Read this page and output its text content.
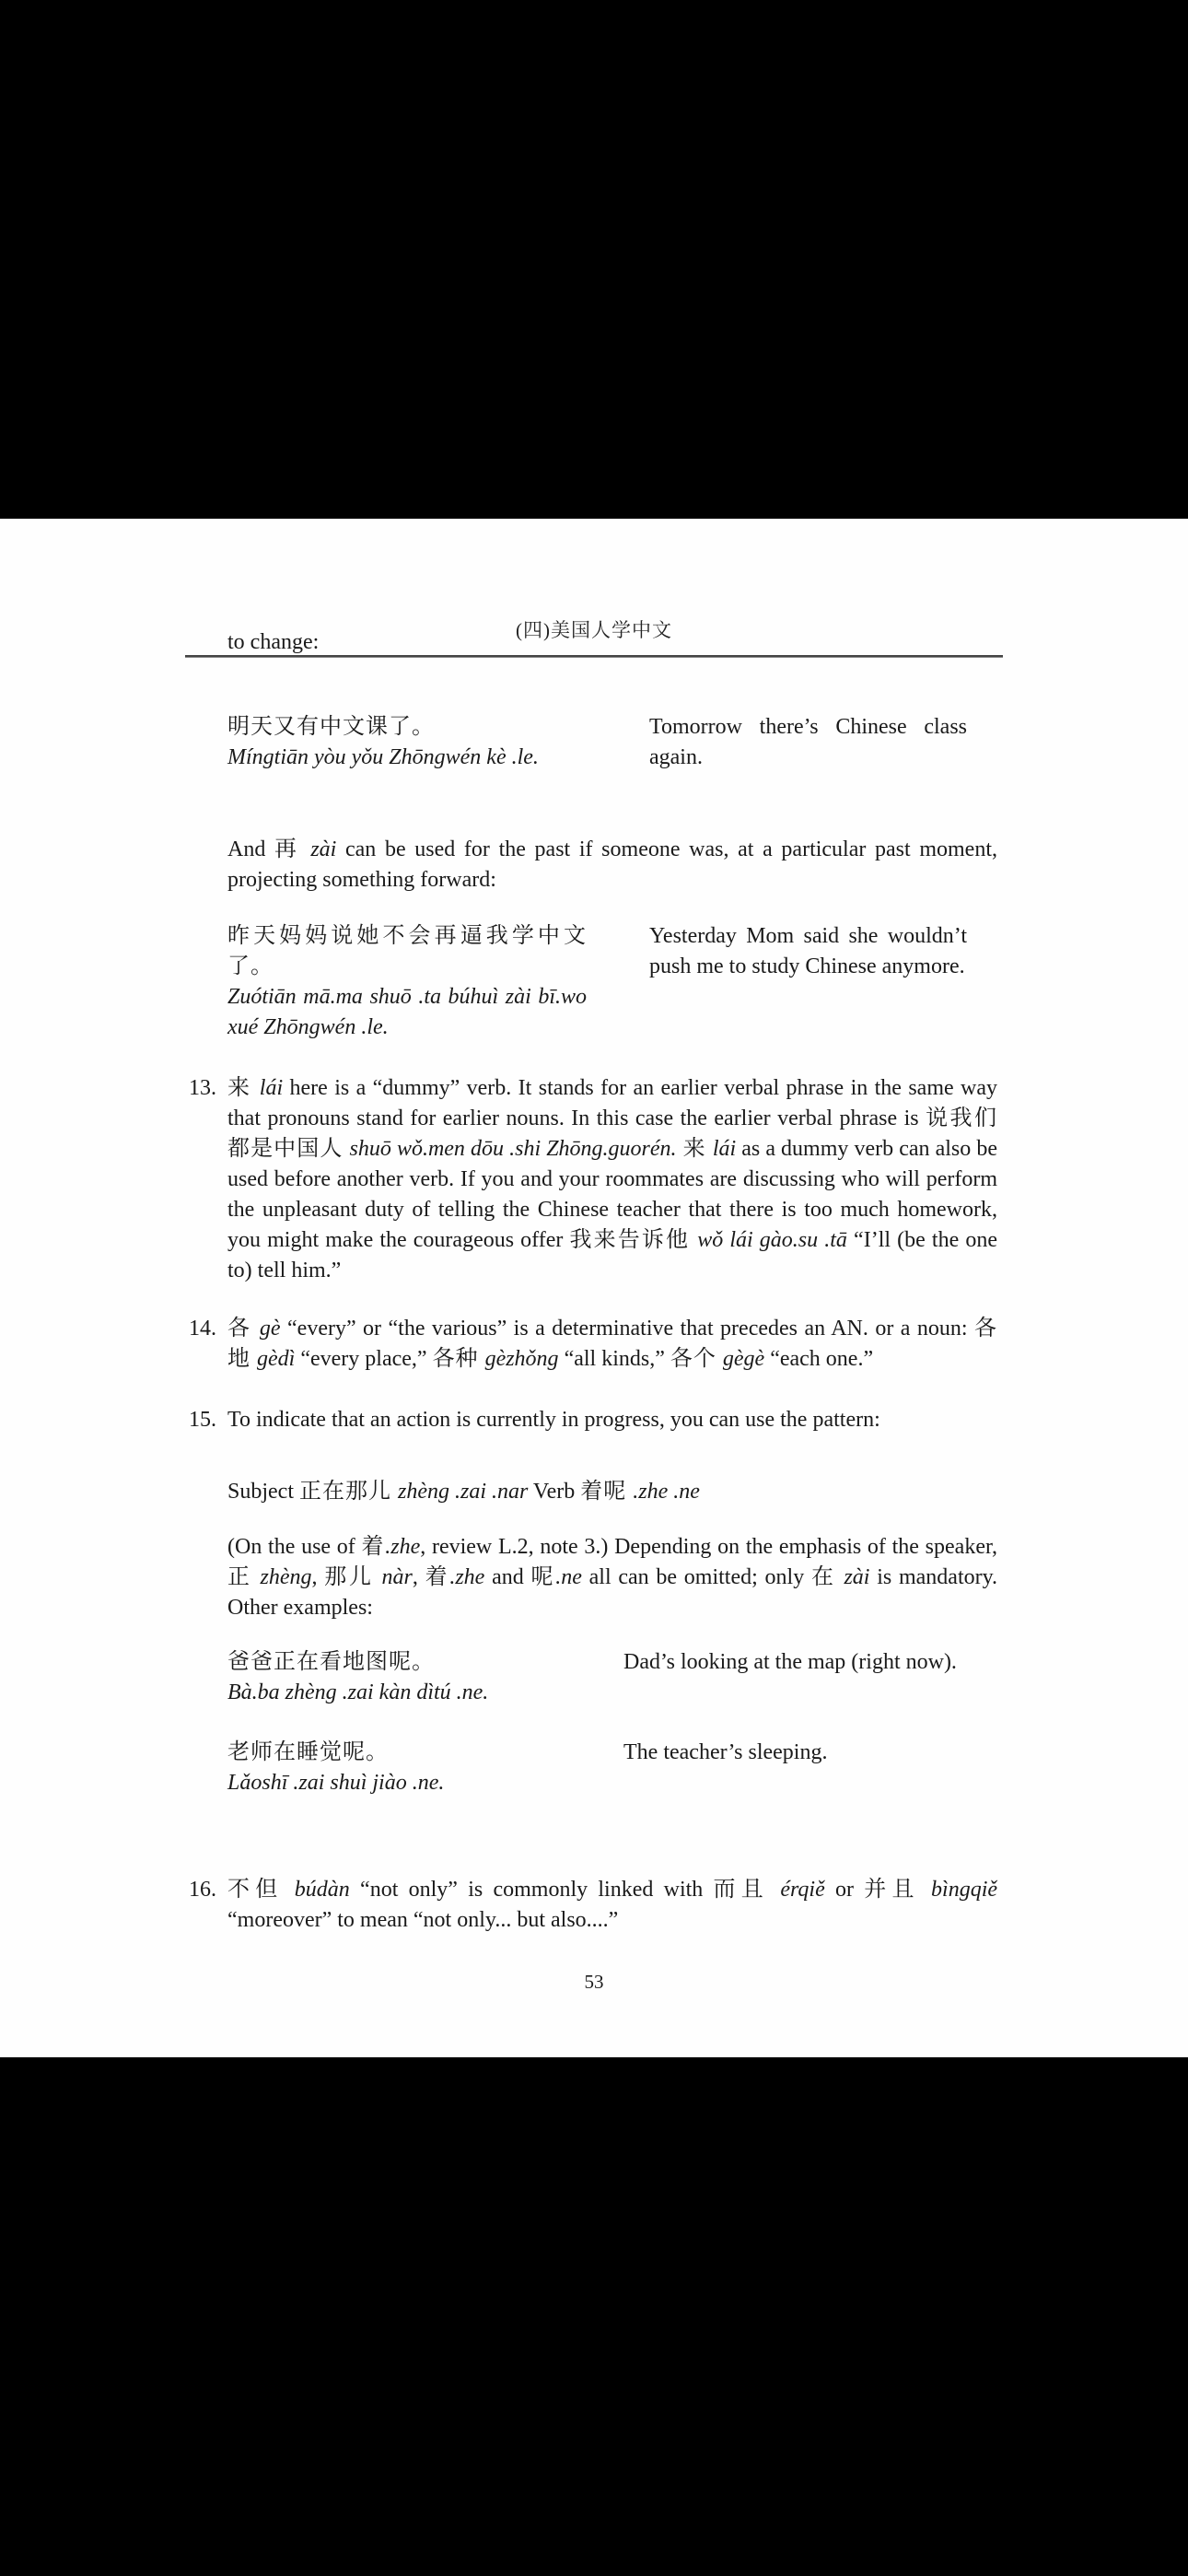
(四)美国人学中文
to change:
明天又有中文课了。
Míngtiān yòu yǒu Zhōngwén kè .le.
Tomorrow there’s Chinese class again.
And 再 zài can be used for the past if someone was, at a particular past moment, projecting something forward:
昨天妈妈说她不会再逼我学中文了。
Zuótiān mā.ma shuō .ta búhuì zài bī.wo xué Zhōngwén .le.
Yesterday Mom said she wouldn’t push me to study Chinese anymore.
13. 来 lái here is a “dummy” verb. It stands for an earlier verbal phrase in the same way that pronouns stand for earlier nouns. In this case the earlier verbal phrase is 说我们都是中国人 shuō wǒ.men dōu .shi Zhōng.guorén. 来 lái as a dummy verb can also be used before another verb. If you and your roommates are discussing who will perform the unpleasant duty of telling the Chinese teacher that there is too much homework, you might make the courageous offer 我来告诉他 wǒ lái gào.su .tā “I’ll (be the one to) tell him.”
14. 各 gè “every” or “the various” is a determinative that precedes an AN. or a noun: 各地 gèdì “every place,” 各种 gèzhǒng “all kinds,” 各个 gègè “each one.”
15. To indicate that an action is currently in progress, you can use the pattern:
Subject 正在那儿 zhèng .zai .nar Verb 着呢 .zhe .ne
(On the use of 着.zhe, review L.2, note 3.) Depending on the emphasis of the speaker, 正 zhèng, 那儿 nàr, 着.zhe and 呢.ne all can be omitted; only 在 zài is mandatory. Other examples:
爸爸正在看地图呢。
Bà.ba zhèng .zai kàn dìtú .ne.
Dad’s looking at the map (right now).
老师在睡觉呢。
Lǎoshī .zai shuì jiào .ne.
The teacher’s sleeping.
16. 不但 búdàn “not only” is commonly linked with 而且 érqiě or 并且 bìngqiě “moreover” to mean “not only... but also....”
53
